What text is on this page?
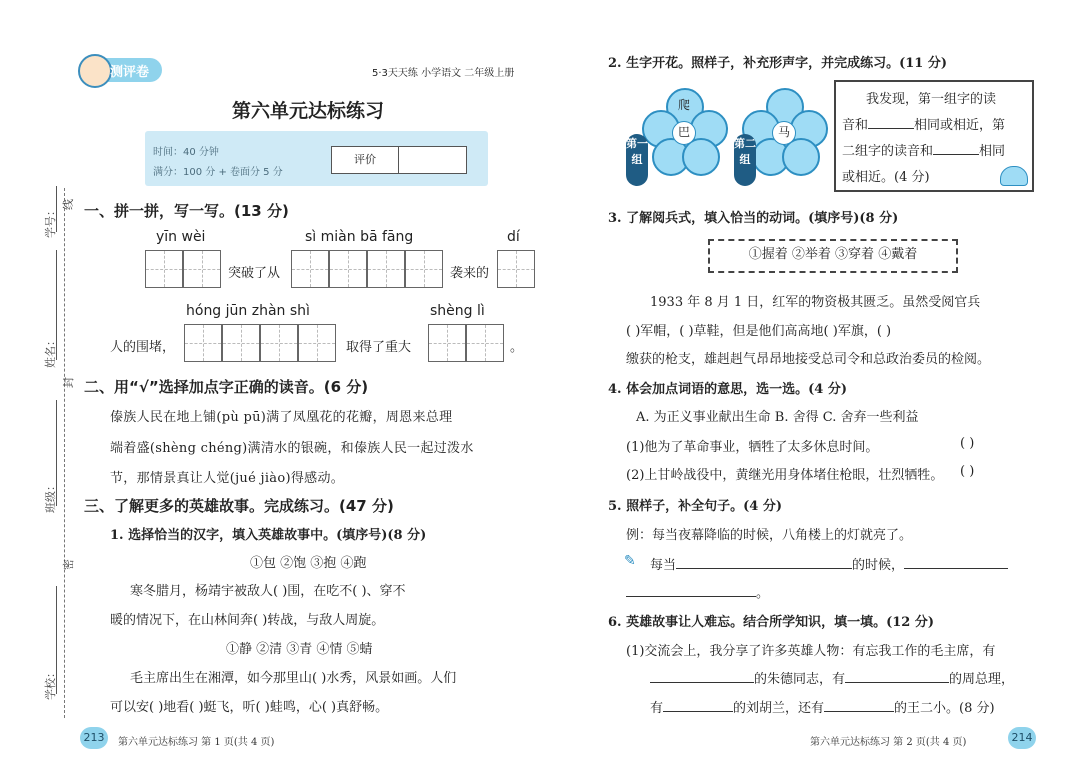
测评卷	5·3天天练 小学语文 二年级上册
第六单元达标练习
时间：40 分钟
满分：100 分 + 卷面分 5 分
评价
学号：
线
姓名：
封
班级：
密
学校：
一、拼一拼，写一写。(13 分)
yīn wèi	sì miàn bā fāng	dí
突破了从	袭来的
hóng jūn zhàn shì	shèng lì
人的围堵，	取得了重大	。
二、用“√”选择加点字正确的读音。(6 分)
傣族人民在地上铺(pù pū)满了凤凰花的花瓣，周恩来总理
端着盛(shèng chéng)满清水的银碗，和傣族人民一起过泼水
节，那情景真让人觉(jué jiào)得感动。
三、了解更多的英雄故事。完成练习。(47 分)
1. 选择恰当的汉字，填入英雄故事中。(填序号)(8 分)
①包 ②饱 ③抱 ④跑
寒冬腊月，杨靖宇被敌人( )围，在吃不( )、穿不
暖的情况下，在山林间奔( )转战，与敌人周旋。
①静 ②清 ③青 ④情 ⑤蜻
毛主席出生在湘潭，如今那里山( )水秀，风景如画。人们
可以安( )地看( )蜓飞，听( )蛙鸣，心( )真舒畅。
213	第六单元达标练习 第 1 页(共 4 页)
2. 生字开花。照样子，补充形声字，并完成练习。(11 分)
巴
爬
第一组
马
第二组
我发现，第一组字的读
音和	相同或相近，第
二组字的读音和	相同
或相近。(4 分)
3. 了解阅兵式，填入恰当的动词。(填序号)(8 分)
①握着 ②举着 ③穿着 ④戴着
1933 年 8 月 1 日，红军的物资极其匮乏。虽然受阅官兵
( )军帽，( )草鞋，但是他们高高地( )军旗，( )
缴获的枪支，雄赳赳气昂昂地接受总司令和总政治委员的检阅。
4. 体会加点词语的意思，选一选。(4 分)
A. 为正义事业献出生命 B. 舍得 C. 舍弃一些利益
(1)他为了革命事业，牺牲了太多休息时间。	( )
(2)上甘岭战役中，黄继光用身体堵住枪眼，壮烈牺牲。 ( )
5. 照样子，补全句子。(4 分)
例：每当夜幕降临的时候，八角楼上的灯就亮了。
✎ 每当	的时候，
。
6. 英雄故事让人难忘。结合所学知识，填一填。(12 分)
(1)交流会上，我分享了许多英雄人物：有忘我工作的毛主席，有
的朱德同志，有	的周总理，
有	的刘胡兰，还有	的王二小。(8 分)
第六单元达标练习 第 2 页(共 4 页)	214
